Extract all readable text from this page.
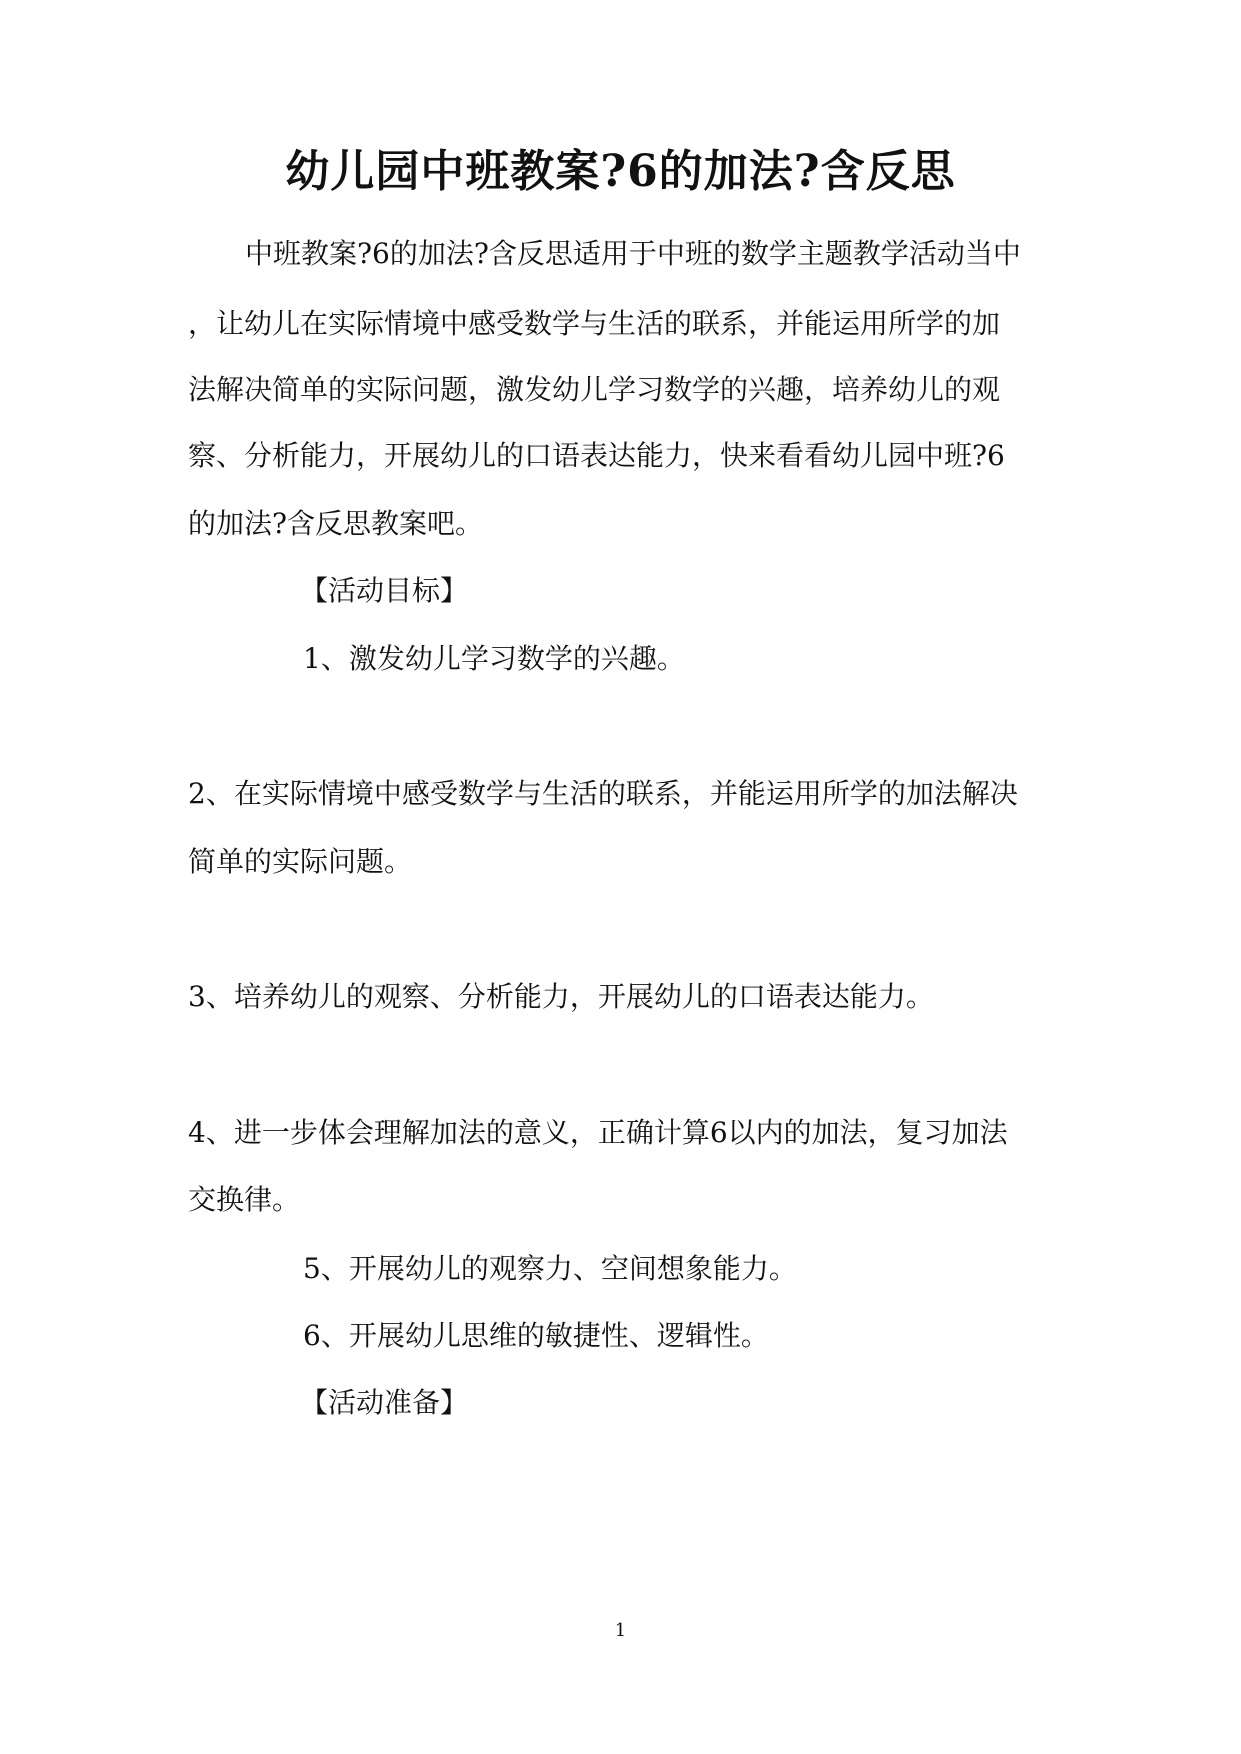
幼儿园中班教案?6的加法?含反思
中班教案?6的加法?含反思适用于中班的数学主题教学活动当中
，让幼儿在实际情境中感受数学与生活的联系，并能运用所学的加
法解决简单的实际问题，激发幼儿学习数学的兴趣，培养幼儿的观
察、分析能力，开展幼儿的口语表达能力，快来看看幼儿园中班?6
的加法?含反思教案吧。
【活动目标】
1、激发幼儿学习数学的兴趣。
2、在实际情境中感受数学与生活的联系，并能运用所学的加法解决
简单的实际问题。
3、培养幼儿的观察、分析能力，开展幼儿的口语表达能力。
4、进一步体会理解加法的意义，正确计算6以内的加法，复习加法
交换律。
5、开展幼儿的观察力、空间想象能力。
6、开展幼儿思维的敏捷性、逻辑性。
【活动准备】
1
